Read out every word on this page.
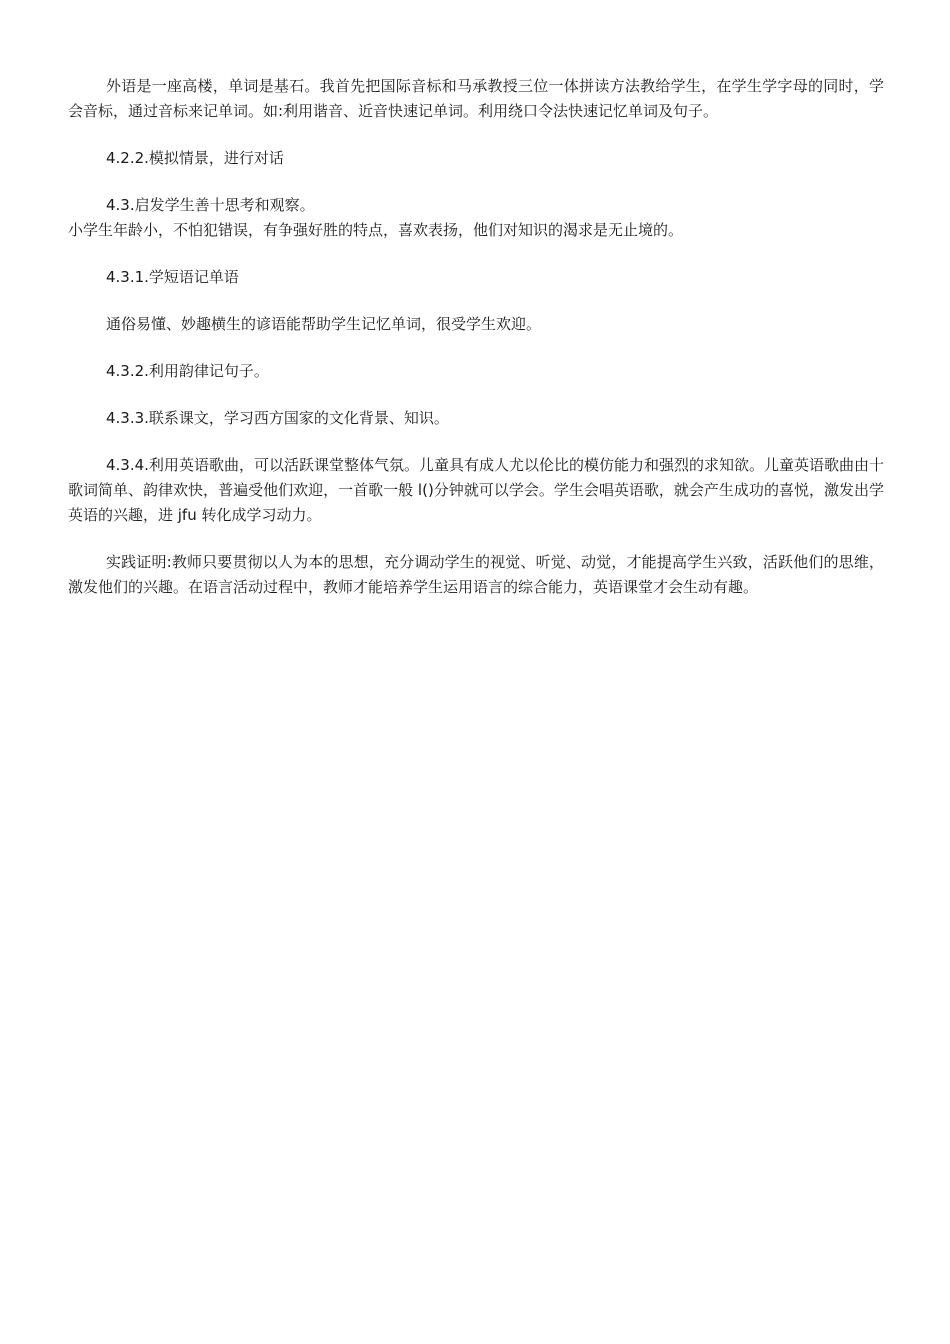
外语是一座高楼，单词是基石。我首先把国际音标和马承教授三位一体拼读方法教给学生，在学生学字母的同时，学会音标，通过音标来记单词。如:利用谐音、近音快速记单词。利用绕口令法快速记忆单词及句子。

4.2.2.模拟情景，进行对话

4.3.启发学生善十思考和观察。

小学生年龄小，不怕犯错误，有争强好胜的特点，喜欢表扬，他们对知识的渴求是无止境的。

4.3.1.学短语记单语

通俗易懂、妙趣横生的谚语能帮助学生记忆单词，很受学生欢迎。

4.3.2.利用韵律记句子。

4.3.3.联系课文，学习西方国家的文化背景、知识。

4.3.4.利用英语歌曲，可以活跃课堂整体气氛。儿童具有成人尤以伦比的模仿能力和强烈的求知欲。儿童英语歌曲由十歌词简单、韵律欢快，普遍受他们欢迎，一首歌一般 l()分钟就可以学会。学生会唱英语歌，就会产生成功的喜悦，激发出学英语的兴趣，进 jfu 转化成学习动力。

实践证明:教师只要贯彻以人为本的思想，充分调动学生的视觉、听觉、动觉，才能提高学生兴致，活跃他们的思维，激发他们的兴趣。在语言活动过程中，教师才能培养学生运用语言的综合能力，英语课堂才会生动有趣。
